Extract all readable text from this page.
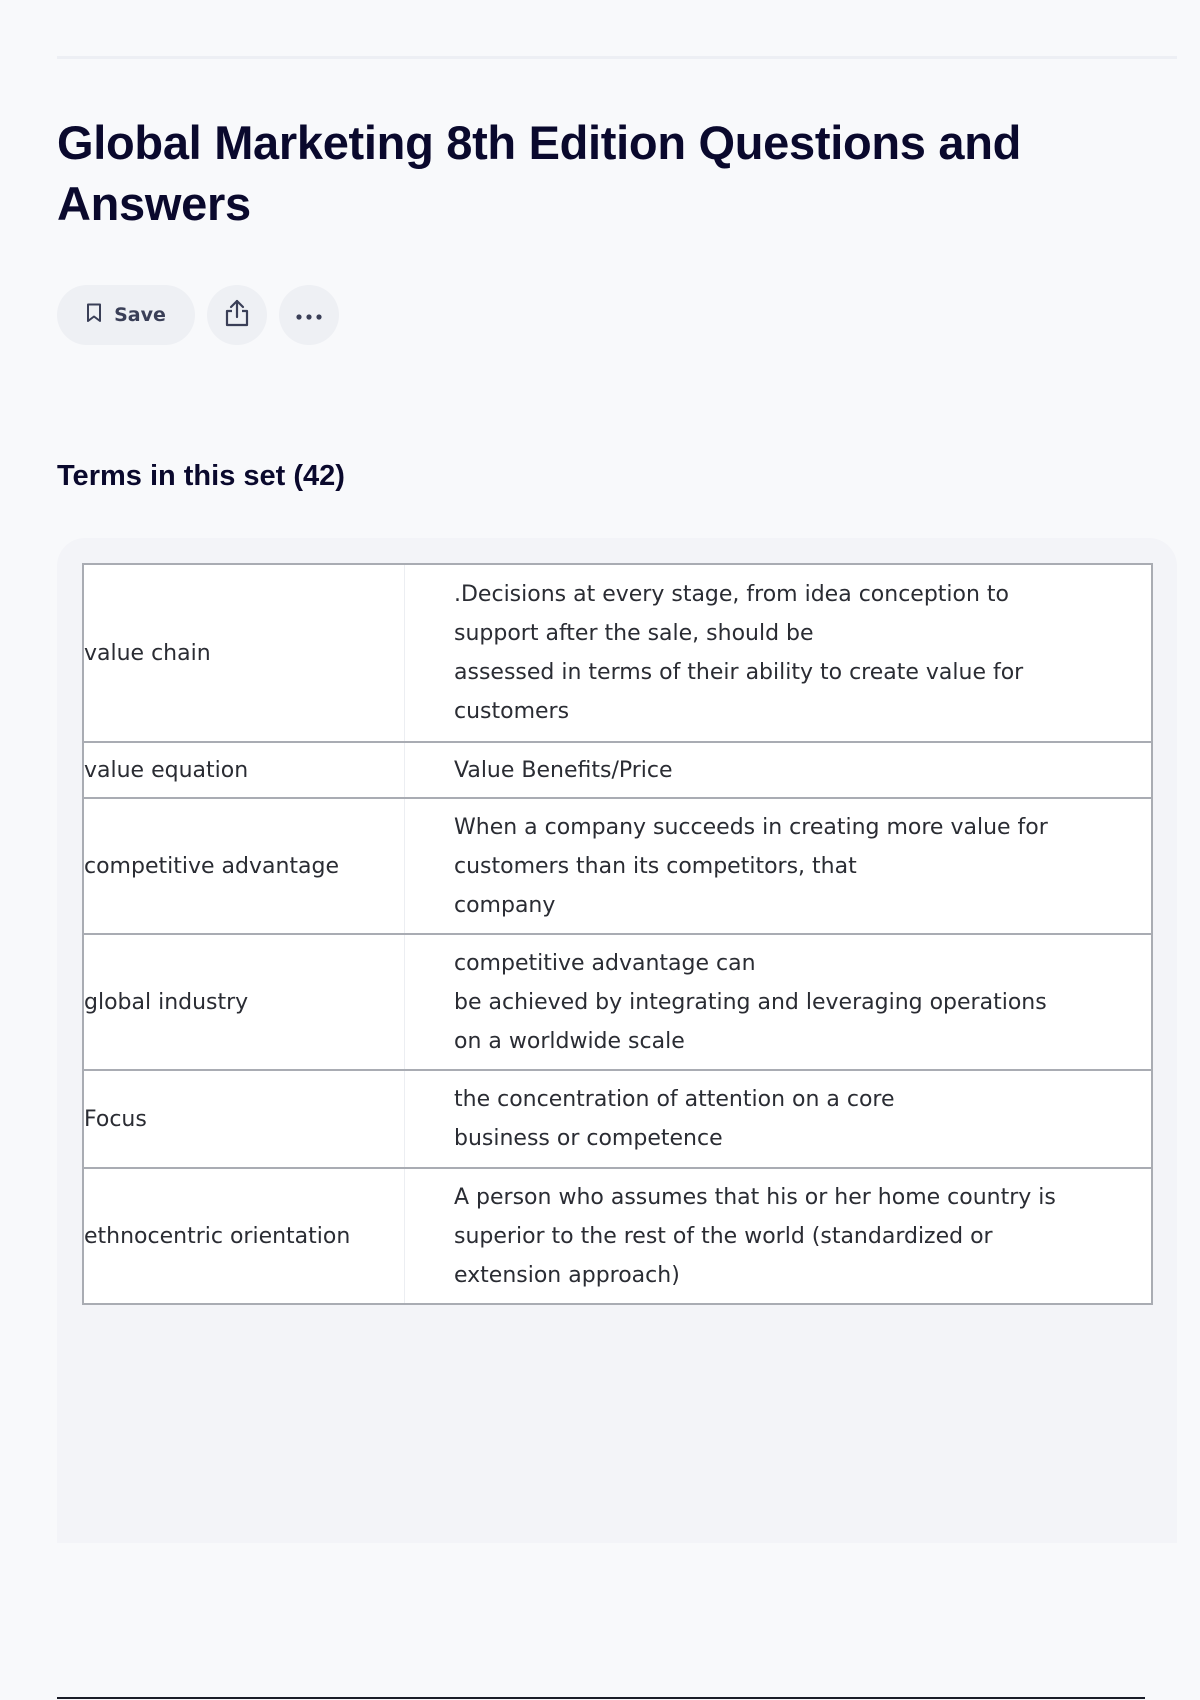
Global Marketing 8th Edition Questions and Answers
Save
Terms in this set (42)
value chain	.Decisions at every stage, from idea conception to
support after the sale, should be
assessed in terms of their ability to create value for
customers

value equation	Value Benefits/Price

competitive advantage	When a company succeeds in creating more value for
customers than its competitors, that
company

global industry	competitive advantage can
be achieved by integrating and leveraging operations
on a worldwide scale

Focus	the concentration of attention on a core
business or competence

ethnocentric orientation	A person who assumes that his or her home country is
superior to the rest of the world (standardized or
extension approach)
